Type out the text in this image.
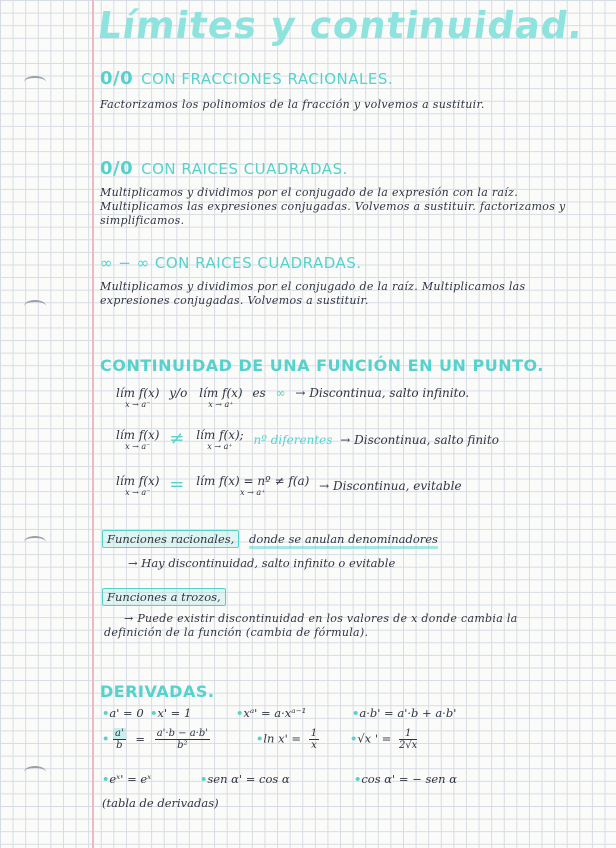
Límites y continuidad.
0/0 CON FRACCIONES RACIONALES.

Factorizamos los polinomios de la fracción y volvemos a sustituir.

0/0 CON RAICES CUADRADAS.

Multiplicamos y dividimos por el conjugado de la expresión con la raíz. Multiplicamos las expresiones conjugadas. Volvemos a sustituir. factorizamos y simplificamos.

∞ − ∞ CON RAICES CUADRADAS.

Multiplicamos y dividimos por el conjugado de la raíz. Multiplicamos las expresiones conjugadas. Volvemos a sustituir.

CONTINUIDAD DE UNA FUNCIÓN EN UN PUNTO.
lím f(x)
x → a⁻
y/o lím f(x)
x → a⁺
es ∞ → Discontinua, salto infinito.
lím f(x)
x → a⁻	≠ lím f(x);
x → a⁺	nº diferentes → Discontinua, salto finito
lím f(x)
x → a⁻	= lím f(x) = nº ≠ f(a)
x → a⁺	→ Discontinua, evitable
Funciones racionales, donde se anulan denominadores
→ Hay discontinuidad, salto infinito o evitable
Funciones a trozos,

→ Puede existir discontinuidad en los valores de x donde cambia la definición de la función (cambia de fórmula).

DERIVADAS.
•a' = 0 •x' = 1	•xᵃ' = a·xᵃ⁻¹	•a·b' = a'·b + a·b'
• $\frac{a'}{b} = \frac{a'\cdot b - a\cdot b'}{\text{b²}}$	•ln $x' = \frac{1}{x}$	•√x ' = $\frac{1}{2√x}$
•eˣ' = eˣ	•sen α' = cos α	•cos α' = − sen α
(tabla de derivadas)
